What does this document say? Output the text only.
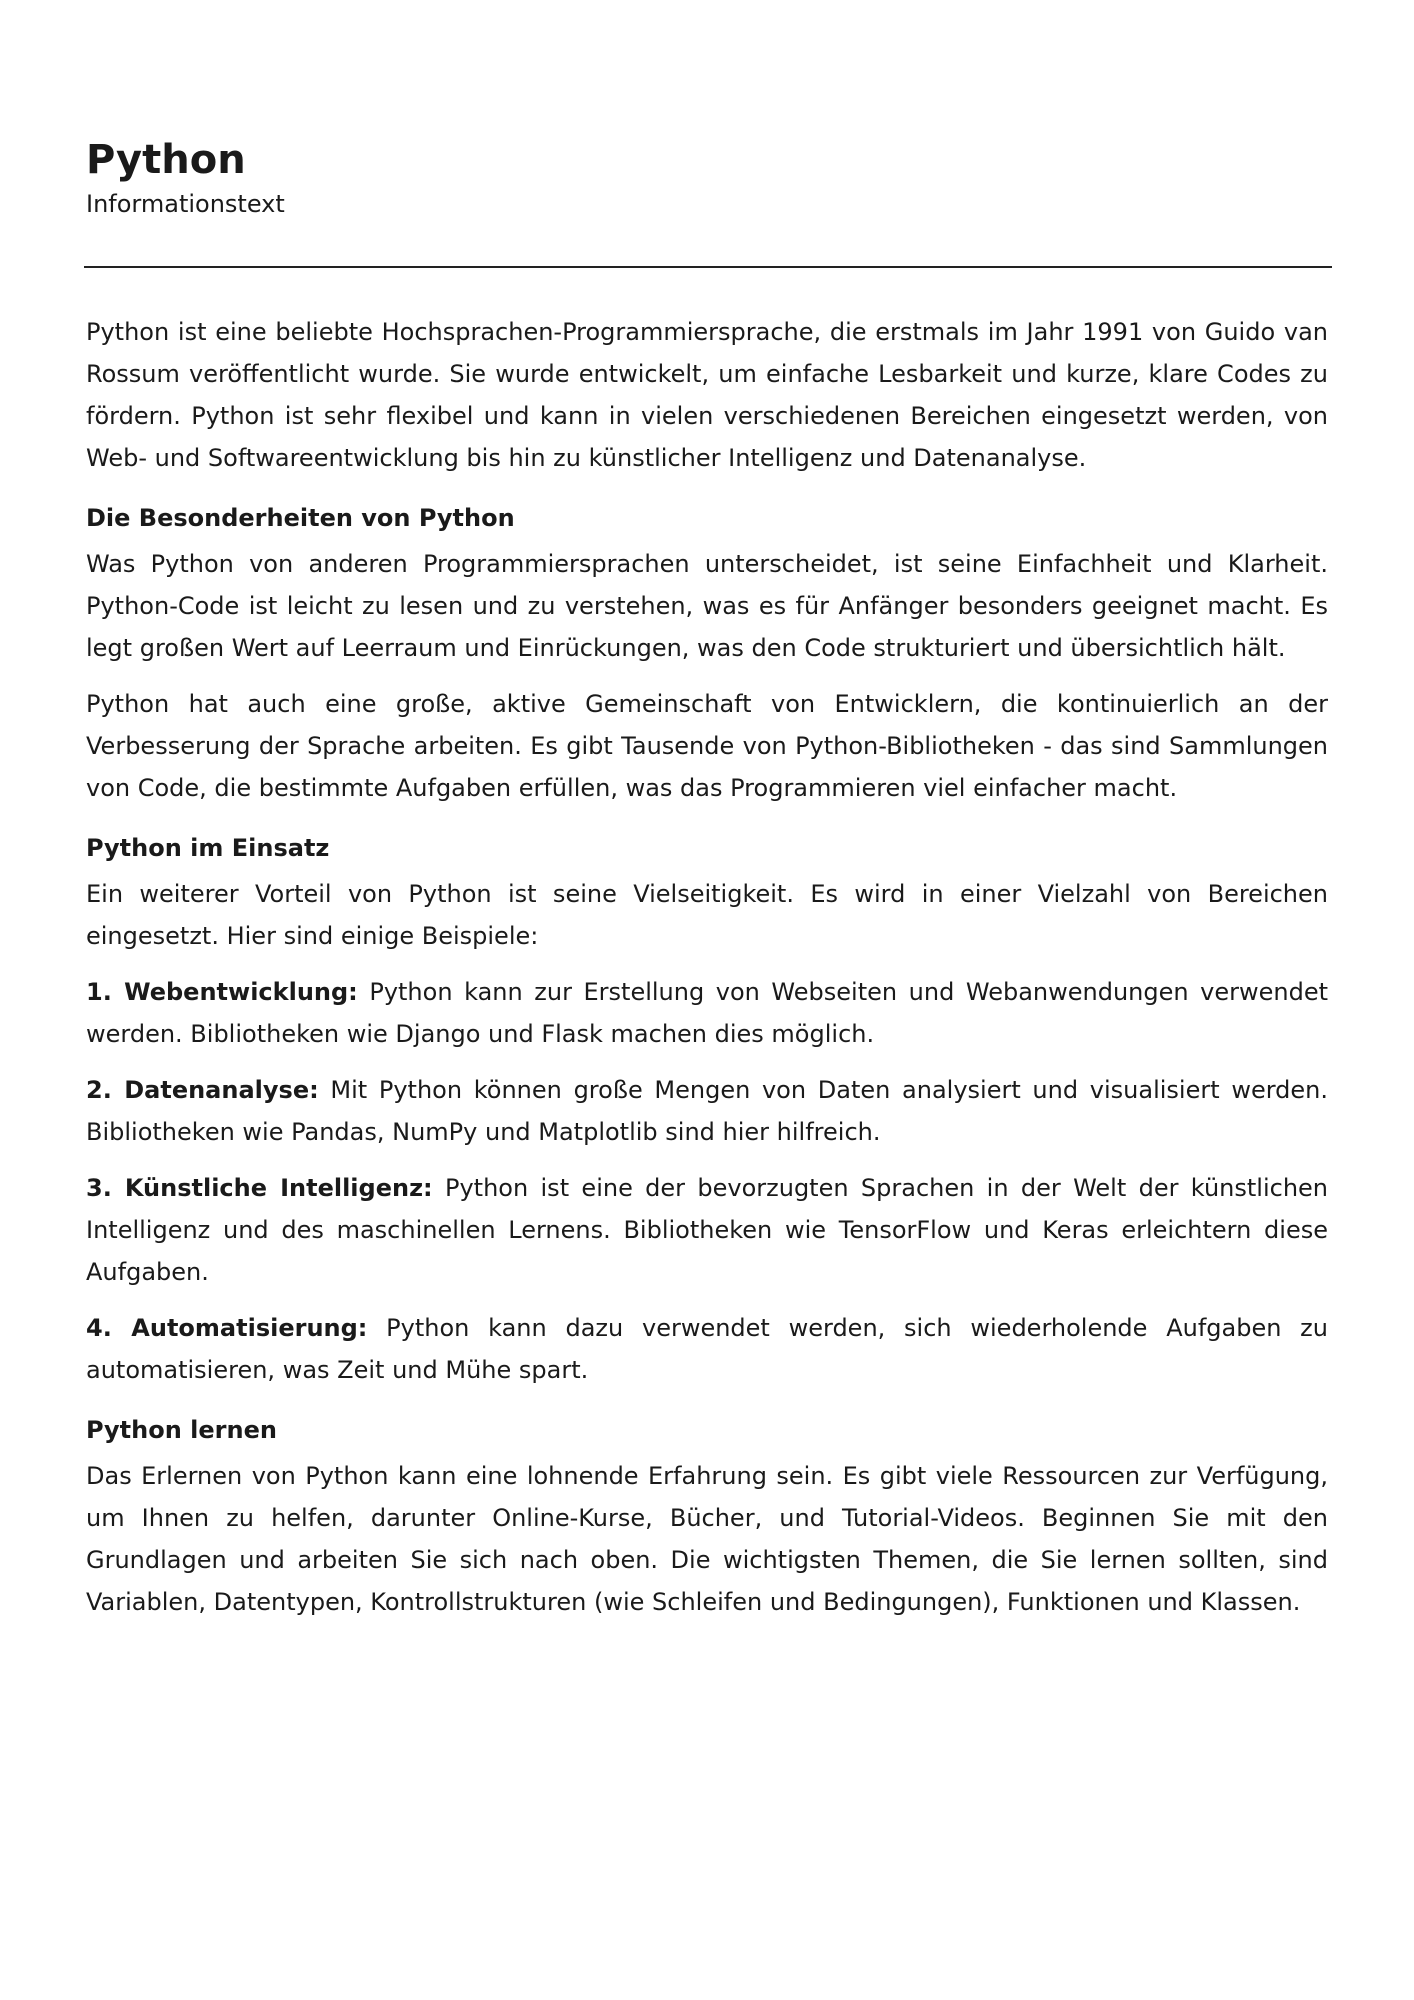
Python
Informationstext

Python ist eine beliebte Hochsprachen-Programmiersprache, die erstmals im Jahr 1991 von Guido van Rossum veröffentlicht wurde. Sie wurde entwickelt, um einfache Lesbarkeit und kurze, klare Codes zu fördern. Python ist sehr flexibel und kann in vielen verschiedenen Bereichen eingesetzt werden, von Web- und Softwareentwicklung bis hin zu künstlicher Intelligenz und Datenanalyse.

Die Besonderheiten von Python

Was Python von anderen Programmiersprachen unterscheidet, ist seine Einfachheit und Klarheit. Python-Code ist leicht zu lesen und zu verstehen, was es für Anfänger besonders geeignet macht. Es legt großen Wert auf Leerraum und Einrückungen, was den Code strukturiert und übersichtlich hält.

Python hat auch eine große, aktive Gemeinschaft von Entwicklern, die kontinuierlich an der Verbesserung der Sprache arbeiten. Es gibt Tausende von Python-Bibliotheken - das sind Sammlungen von Code, die bestimmte Aufgaben erfüllen, was das Programmieren viel einfacher macht.

Python im Einsatz

Ein weiterer Vorteil von Python ist seine Vielseitigkeit. Es wird in einer Vielzahl von Bereichen eingesetzt. Hier sind einige Beispiele:

1. Webentwicklung: Python kann zur Erstellung von Webseiten und Webanwendungen verwendet werden. Bibliotheken wie Django und Flask machen dies möglich.

2. Datenanalyse: Mit Python können große Mengen von Daten analysiert und visualisiert werden. Bibliotheken wie Pandas, NumPy und Matplotlib sind hier hilfreich.

3. Künstliche Intelligenz: Python ist eine der bevorzugten Sprachen in der Welt der künstlichen Intelligenz und des maschinellen Lernens. Bibliotheken wie TensorFlow und Keras erleichtern diese Aufgaben.

4. Automatisierung: Python kann dazu verwendet werden, sich wiederholende Aufgaben zu automatisieren, was Zeit und Mühe spart.

Python lernen

Das Erlernen von Python kann eine lohnende Erfahrung sein. Es gibt viele Ressourcen zur Verfügung, um Ihnen zu helfen, darunter Online-Kurse, Bücher, und Tutorial-Videos. Beginnen Sie mit den Grundlagen und arbeiten Sie sich nach oben. Die wichtigsten Themen, die Sie lernen sollten, sind Variablen, Datentypen, Kontrollstrukturen (wie Schleifen und Bedingungen), Funktionen und Klassen.
